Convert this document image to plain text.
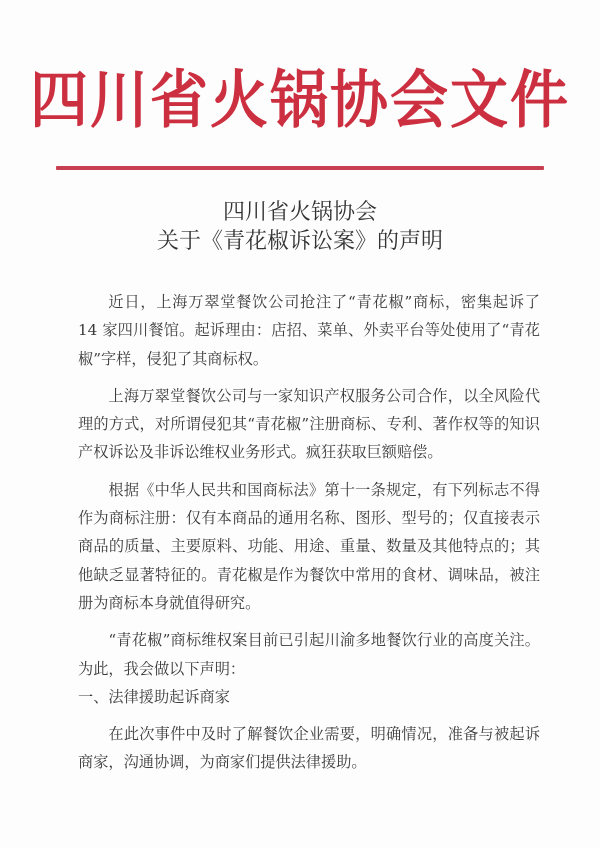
四川省火锅协会文件
四川省火锅协会
关于《青花椒诉讼案》的声明

近日，上海万翠堂餐饮公司抢注了“青花椒”商标，密集起诉了 14 家四川餐馆。起诉理由：店招、菜单、外卖平台等处使用了“青花椒”字样，侵犯了其商标权。

上海万翠堂餐饮公司与一家知识产权服务公司合作，以全风险代理的方式，对所谓侵犯其“青花椒”注册商标、专利、著作权等的知识产权诉讼及非诉讼维权业务形式。疯狂获取巨额赔偿。

根据《中华人民共和国商标法》第十一条规定，有下列标志不得作为商标注册：仅有本商品的通用名称、图形、型号的；仅直接表示商品的质量、主要原料、功能、用途、重量、数量及其他特点的；其他缺乏显著特征的。青花椒是作为餐饮中常用的食材、调味品，被注册为商标本身就值得研究。

“青花椒”商标维权案目前已引起川渝多地餐饮行业的高度关注。为此，我会做以下声明：

一、法律援助起诉商家

在此次事件中及时了解餐饮企业需要，明确情况，准备与被起诉商家，沟通协调，为商家们提供法律援助。
